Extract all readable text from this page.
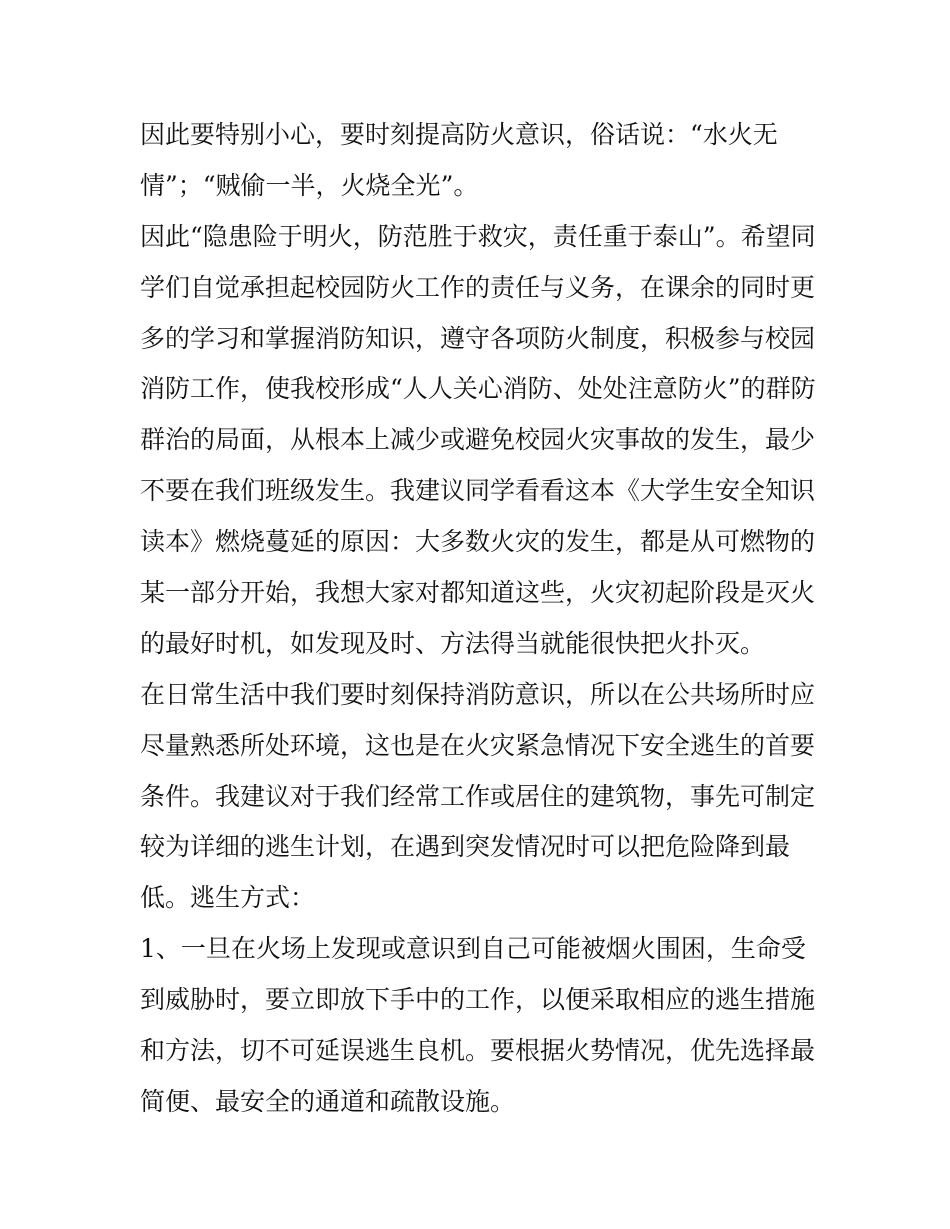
因此要特别小心，要时刻提高防火意识，俗话说：“水火无
情”；“贼偷一半，火烧全光”。
因此“隐患险于明火，防范胜于救灾，责任重于泰山”。希望同
学们自觉承担起校园防火工作的责任与义务，在课余的同时更
多的学习和掌握消防知识，遵守各项防火制度，积极参与校园
消防工作，使我校形成“人人关心消防、处处注意防火”的群防
群治的局面，从根本上减少或避免校园火灾事故的发生，最少
不要在我们班级发生。我建议同学看看这本《大学生安全知识
读本》燃烧蔓延的原因：大多数火灾的发生，都是从可燃物的
某一部分开始，我想大家对都知道这些，火灾初起阶段是灭火
的最好时机，如发现及时、方法得当就能很快把火扑灭。
在日常生活中我们要时刻保持消防意识，所以在公共场所时应
尽量熟悉所处环境，这也是在火灾紧急情况下安全逃生的首要
条件。我建议对于我们经常工作或居住的建筑物，事先可制定
较为详细的逃生计划，在遇到突发情况时可以把危险降到最
低。逃生方式：
1、一旦在火场上发现或意识到自己可能被烟火围困，生命受
到威胁时，要立即放下手中的工作，以便采取相应的逃生措施
和方法，切不可延误逃生良机。要根据火势情况，优先选择最
简便、最安全的通道和疏散设施。
